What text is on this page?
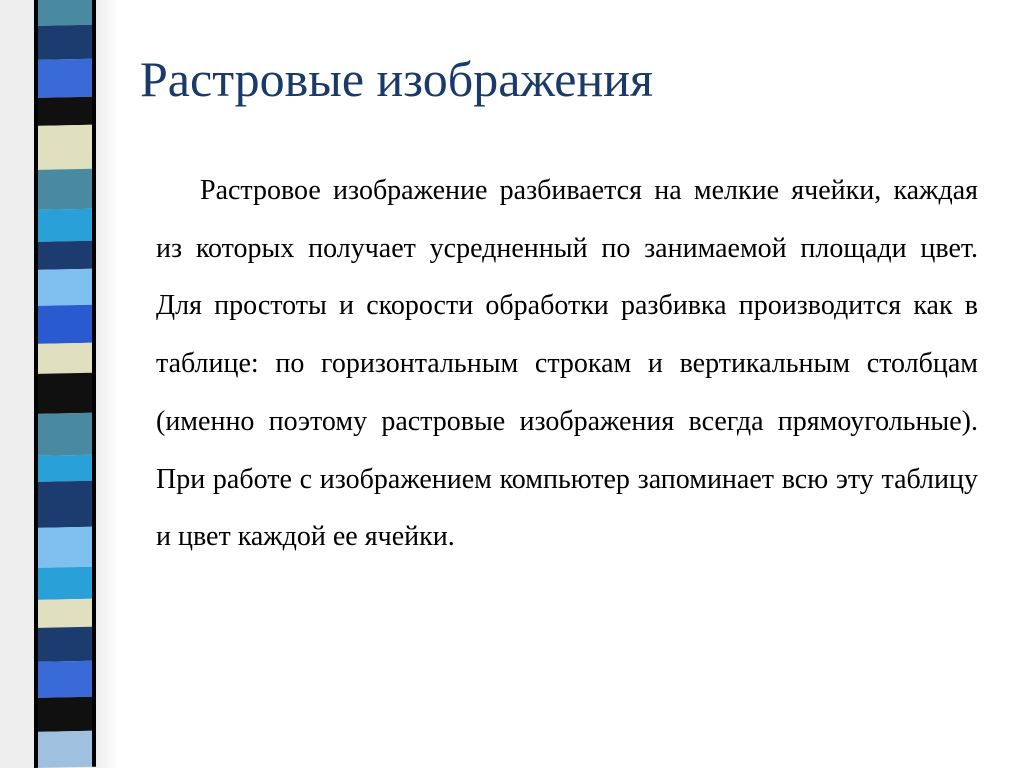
Растровые изображения

Растровое изображение разбивается на мелкие ячейки, каждая из которых получает усредненный по занимаемой площади цвет. Для простоты и скорости обработки разбивка производится как в таблице: по горизонтальным строкам и вертикальным столбцам (именно поэтому растровые изображения всегда прямоугольные). При работе с изображением компьютер запоминает всю эту таблицу и цвет каждой ее ячейки.
